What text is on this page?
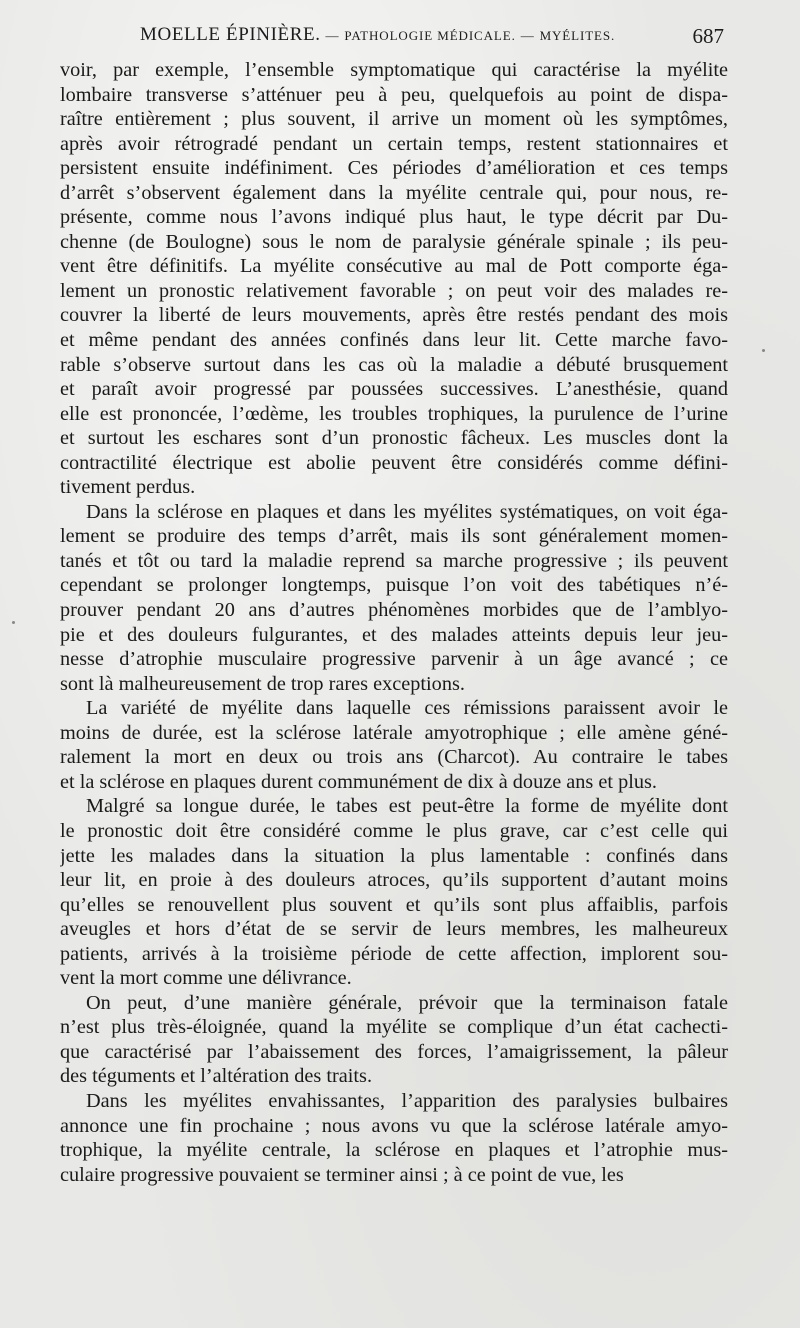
MOELLE ÉPINIÈRE. — PATHOLOGIE MÉDICALE. — MYÉLITES.	687
voir, par exemple, l’ensemble symptomatique qui caractérise la myélite
lombaire transverse s’atténuer peu à peu, quelquefois au point de dispa-
raître entièrement ; plus souvent, il arrive un moment où les symptômes,
après avoir rétrogradé pendant un certain temps, restent stationnaires et
persistent ensuite indéfiniment. Ces périodes d’amélioration et ces temps
d’arrêt s’observent également dans la myélite centrale qui, pour nous, re-
présente, comme nous l’avons indiqué plus haut, le type décrit par Du-
chenne (de Boulogne) sous le nom de paralysie générale spinale ; ils peu-
vent être définitifs. La myélite consécutive au mal de Pott comporte éga-
lement un pronostic relativement favorable ; on peut voir des malades re-
couvrer la liberté de leurs mouvements, après être restés pendant des mois
et même pendant des années confinés dans leur lit. Cette marche favo-
rable s’observe surtout dans les cas où la maladie a débuté brusquement
et paraît avoir progressé par poussées successives. L’anesthésie, quand
elle est prononcée, l’œdème, les troubles trophiques, la purulence de l’urine
et surtout les eschares sont d’un pronostic fâcheux. Les muscles dont la
contractilité électrique est abolie peuvent être considérés comme défini-
tivement perdus.
Dans la sclérose en plaques et dans les myélites systématiques, on voit éga-
lement se produire des temps d’arrêt, mais ils sont généralement momen-
tanés et tôt ou tard la maladie reprend sa marche progressive ; ils peuvent
cependant se prolonger longtemps, puisque l’on voit des tabétiques n’é-
prouver pendant 20 ans d’autres phénomènes morbides que de l’amblyo-
pie et des douleurs fulgurantes, et des malades atteints depuis leur jeu-
nesse d’atrophie musculaire progressive parvenir à un âge avancé ; ce
sont là malheureusement de trop rares exceptions.
La variété de myélite dans laquelle ces rémissions paraissent avoir le
moins de durée, est la sclérose latérale amyotrophique ; elle amène géné-
ralement la mort en deux ou trois ans (Charcot). Au contraire le tabes
et la sclérose en plaques durent communément de dix à douze ans et plus.
Malgré sa longue durée, le tabes est peut-être la forme de myélite dont
le pronostic doit être considéré comme le plus grave, car c’est celle qui
jette les malades dans la situation la plus lamentable : confinés dans
leur lit, en proie à des douleurs atroces, qu’ils supportent d’autant moins
qu’elles se renouvellent plus souvent et qu’ils sont plus affaiblis, parfois
aveugles et hors d’état de se servir de leurs membres, les malheureux
patients, arrivés à la troisième période de cette affection, implorent sou-
vent la mort comme une délivrance.
On peut, d’une manière générale, prévoir que la terminaison fatale
n’est plus très-éloignée, quand la myélite se complique d’un état cachecti-
que caractérisé par l’abaissement des forces, l’amaigrissement, la pâleur
des téguments et l’altération des traits.
Dans les myélites envahissantes, l’apparition des paralysies bulbaires
annonce une fin prochaine ; nous avons vu que la sclérose latérale amyo-
trophique, la myélite centrale, la sclérose en plaques et l’atrophie mus-
culaire progressive pouvaient se terminer ainsi ; à ce point de vue, les
